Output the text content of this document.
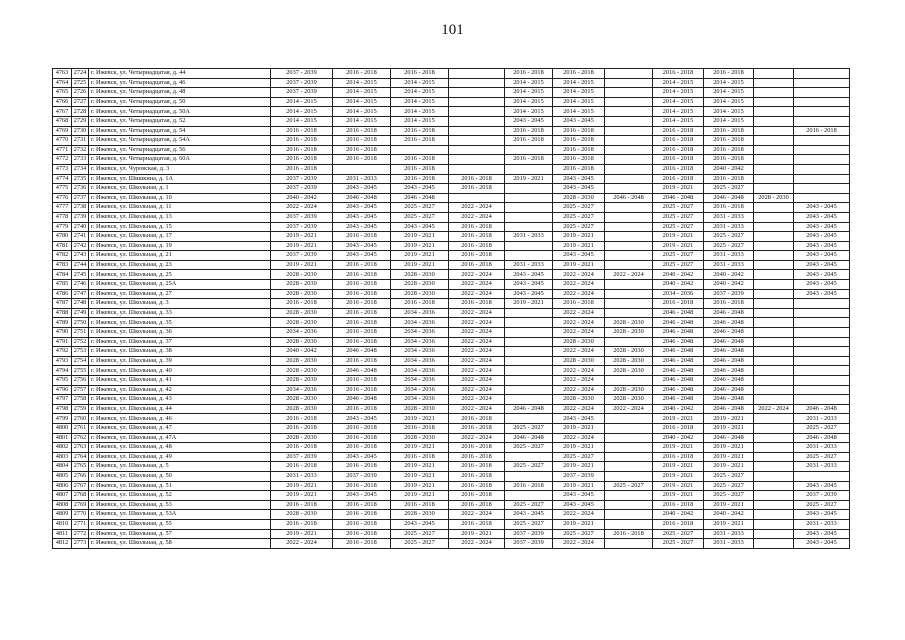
101
4763	2724	г. Ижевск, ул. Четырнадцатая, д. 44	2037 - 2039	2016 - 2018	2016 - 2018		2016 - 2018	2016 - 2018		2016 - 2018	2016 - 2018		
4764	2725	г. Ижевск, ул. Четырнадцатая, д. 46	2037 - 2039	2014 - 2015	2014 - 2015		2014 - 2015	2014 - 2015		2014 - 2015	2014 - 2015		
4765	2726	г. Ижевск, ул. Четырнадцатая, д. 48	2037 - 2039	2014 - 2015	2014 - 2015		2014 - 2015	2014 - 2015		2014 - 2015	2014 - 2015		
4766	2727	г. Ижевск, ул. Четырнадцатая, д. 50	2014 - 2015	2014 - 2015	2014 - 2015		2014 - 2015	2014 - 2015		2014 - 2015	2014 - 2015		
4767	2728	г. Ижевск, ул. Четырнадцатая, д. 50А	2014 - 2015	2014 - 2015	2014 - 2015		2014 - 2015	2014 - 2015		2014 - 2015	2014 - 2015		
4768	2729	г. Ижевск, ул. Четырнадцатая, д. 52	2014 - 2015	2014 - 2015	2014 - 2015		2043 - 2045	2043 - 2045		2014 - 2015	2014 - 2015		
4769	2730	г. Ижевск, ул. Четырнадцатая, д. 54	2016 - 2018	2016 - 2018	2016 - 2018		2016 - 2018	2016 - 2018		2016 - 2018	2016 - 2018		2016 - 2018
4770	2731	г. Ижевск, ул. Четырнадцатая, д. 54А	2016 - 2018	2016 - 2018	2016 - 2018		2016 - 2018	2016 - 2018		2016 - 2018	2016 - 2018		
4771	2732	г. Ижевск, ул. Четырнадцатая, д. 56	2016 - 2018	2016 - 2018				2016 - 2018		2016 - 2018	2016 - 2018		
4772	2733	г. Ижевск, ул. Четырнадцатая, д. 60А	2016 - 2018	2016 - 2018	2016 - 2018		2016 - 2018	2016 - 2018		2016 - 2018	2016 - 2018		
4773	2734	г. Ижевск, ул. Чуровская, д. 3	2016 - 2018		2016 - 2018			2016 - 2018		2016 - 2018	2040 - 2042		
4774	2735	г. Ижевск, ул. Шишкина, д. 1А	2037 - 2039	2031 - 2033	2016 - 2018	2016 - 2018	2019 - 2021	2043 - 2045		2016 - 2018	2016 - 2018		
4775	2736	г. Ижевск, ул. Школьная, д. 1	2037 - 2039	2043 - 2045	2043 - 2045	2016 - 2018		2043 - 2045		2019 - 2021	2025 - 2027		
4776	2737	г. Ижевск, ул. Школьная, д. 10	2040 - 2042	2046 - 2048	2046 - 2048			2028 - 2030	2046 - 2048	2046 - 2048	2046 - 2048	2028 - 2030	
4777	2738	г. Ижевск, ул. Школьная, д. 11	2022 - 2024	2043 - 2045	2025 - 2027	2022 - 2024		2025 - 2027		2025 - 2027	2016 - 2018		2043 - 2045
4778	2739	г. Ижевск, ул. Школьная, д. 13	2037 - 2039	2043 - 2045	2025 - 2027	2022 - 2024		2025 - 2027		2025 - 2027	2031 - 2033		2043 - 2045
4779	2740	г. Ижевск, ул. Школьная, д. 15	2037 - 2039	2043 - 2045	2043 - 2045	2016 - 2018		2025 - 2027		2025 - 2027	2031 - 2033		2043 - 2045
4780	2741	г. Ижевск, ул. Школьная, д. 17	2019 - 2021	2016 - 2018	2019 - 2021	2016 - 2018	2031 - 2033	2019 - 2021		2019 - 2021	2025 - 2027		2043 - 2045
4781	2742	г. Ижевск, ул. Школьная, д. 19	2019 - 2021	2043 - 2045	2019 - 2021	2016 - 2018		2019 - 2021		2019 - 2021	2025 - 2027		2043 - 2045
4782	2743	г. Ижевск, ул. Школьная, д. 21	2037 - 2039	2043 - 2045	2019 - 2021	2016 - 2018		2043 - 2045		2025 - 2027	2031 - 2033		2043 - 2045
4783	2744	г. Ижевск, ул. Школьная, д. 23	2019 - 2021	2016 - 2018	2019 - 2021	2016 - 2018	2031 - 2033	2019 - 2021		2025 - 2027	2031 - 2033		2043 - 2045
4784	2745	г. Ижевск, ул. Школьная, д. 25	2028 - 2030	2016 - 2018	2028 - 2030	2022 - 2024	2043 - 2045	2022 - 2024	2022 - 2024	2040 - 2042	2040 - 2042		2043 - 2045
4785	2746	г. Ижевск, ул. Школьная, д. 25А	2028 - 2030	2016 - 2018	2028 - 2030	2022 - 2024	2043 - 2045	2022 - 2024		2040 - 2042	2040 - 2042		2043 - 2045
4786	2747	г. Ижевск, ул. Школьная, д. 27	2028 - 2030	2016 - 2018	2028 - 2030	2022 - 2024	2043 - 2045	2022 - 2024		2034 - 2036	2037 - 2039		2043 - 2045
4787	2748	г. Ижевск, ул. Школьная, д. 3	2016 - 2018	2016 - 2018	2016 - 2018	2016 - 2018	2019 - 2021	2016 - 2018		2016 - 2018	2016 - 2018		
4788	2749	г. Ижевск, ул. Школьная, д. 33	2028 - 2030	2016 - 2018	2034 - 2036	2022 - 2024		2022 - 2024		2046 - 2048	2046 - 2048		
4789	2750	г. Ижевск, ул. Школьная, д. 35	2028 - 2030	2016 - 2018	2034 - 2036	2022 - 2024		2022 - 2024	2028 - 2030	2046 - 2048	2046 - 2048		
4790	2751	г. Ижевск, ул. Школьная, д. 36	2034 - 2036	2016 - 2018	2034 - 2036	2022 - 2024		2022 - 2024	2028 - 2030	2046 - 2048	2046 - 2048		
4791	2752	г. Ижевск, ул. Школьная, д. 37	2028 - 2030	2016 - 2018	2034 - 2036	2022 - 2024		2028 - 2030		2046 - 2048	2046 - 2048		
4792	2753	г. Ижевск, ул. Школьная, д. 38	2040 - 2042	2046 - 2048	2034 - 2036	2022 - 2024		2022 - 2024	2028 - 2030	2046 - 2048	2046 - 2048		
4793	2754	г. Ижевск, ул. Школьная, д. 39	2028 - 2030	2016 - 2018	2034 - 2036	2022 - 2024		2028 - 2030	2028 - 2030	2046 - 2048	2046 - 2048		
4794	2755	г. Ижевск, ул. Школьная, д. 40	2028 - 2030	2046 - 2048	2034 - 2036	2022 - 2024		2022 - 2024	2028 - 2030	2046 - 2048	2046 - 2048		
4795	2756	г. Ижевск, ул. Школьная, д. 41	2028 - 2030	2016 - 2018	2034 - 2036	2022 - 2024		2022 - 2024		2046 - 2048	2046 - 2048		
4796	2757	г. Ижевск, ул. Школьная, д. 42	2034 - 2036	2016 - 2018	2034 - 2036	2022 - 2024		2022 - 2024	2028 - 2030	2046 - 2048	2046 - 2048		
4797	2758	г. Ижевск, ул. Школьная, д. 43	2028 - 2030	2046 - 2048	2034 - 2036	2022 - 2024		2028 - 2030	2028 - 2030	2046 - 2048	2046 - 2048		
4798	2759	г. Ижевск, ул. Школьная, д. 44	2028 - 2030	2016 - 2018	2028 - 2030	2022 - 2024	2046 - 2048	2022 - 2024	2022 - 2024	2040 - 2042	2046 - 2048	2022 - 2024	2046 - 2048
4799	2760	г. Ижевск, ул. Школьная, д. 46	2016 - 2018	2043 - 2045	2019 - 2021	2016 - 2018		2043 - 2045		2019 - 2021	2019 - 2021		2031 - 2033
4800	2761	г. Ижевск, ул. Школьная, д. 47	2016 - 2018	2016 - 2018	2016 - 2018	2016 - 2018	2025 - 2027	2019 - 2021		2016 - 2018	2019 - 2021		2025 - 2027
4801	2762	г. Ижевск, ул. Школьная, д. 47А	2028 - 2030	2016 - 2018	2028 - 2030	2022 - 2024	2046 - 2048	2022 - 2024		2040 - 2042	2046 - 2048		2046 - 2048
4802	2763	г. Ижевск, ул. Школьная, д. 48	2016 - 2018	2016 - 2018	2019 - 2021	2016 - 2018	2025 - 2027	2019 - 2021		2019 - 2021	2019 - 2021		2031 - 2033
4803	2764	г. Ижевск, ул. Школьная, д. 49	2037 - 2039	2043 - 2045	2016 - 2018	2016 - 2018		2025 - 2027		2016 - 2018	2019 - 2021		2025 - 2027
4804	2765	г. Ижевск, ул. Школьная, д. 5	2016 - 2018	2016 - 2018	2019 - 2021	2016 - 2018	2025 - 2027	2019 - 2021		2019 - 2021	2019 - 2021		2031 - 2033
4805	2766	г. Ижевск, ул. Школьная, д. 50	2031 - 2033	2037 - 2039	2019 - 2021	2016 - 2018		2037 - 2039		2019 - 2021	2025 - 2027		
4806	2767	г. Ижевск, ул. Школьная, д. 51	2019 - 2021	2016 - 2018	2019 - 2021	2016 - 2018	2016 - 2018	2019 - 2021	2025 - 2027	2019 - 2021	2025 - 2027		2043 - 2045
4807	2768	г. Ижевск, ул. Школьная, д. 52	2019 - 2021	2043 - 2045	2019 - 2021	2016 - 2018		2043 - 2045		2019 - 2021	2025 - 2027		2037 - 2039
4808	2769	г. Ижевск, ул. Школьная, д. 53	2016 - 2018	2016 - 2018	2016 - 2018	2016 - 2018	2025 - 2027	2043 - 2045		2016 - 2018	2019 - 2021		2025 - 2027
4809	2770	г. Ижевск, ул. Школьная, д. 53А	2028 - 2030	2016 - 2018	2028 - 2030	2022 - 2024	2043 - 2045	2022 - 2024		2040 - 2042	2040 - 2042		2043 - 2045
4810	2771	г. Ижевск, ул. Школьная, д. 55	2016 - 2018	2016 - 2018	2043 - 2045	2016 - 2018	2025 - 2027	2019 - 2021		2016 - 2018	2019 - 2021		2031 - 2033
4811	2772	г. Ижевск, ул. Школьная, д. 57	2019 - 2021	2016 - 2018	2025 - 2027	2019 - 2021	2037 - 2039	2025 - 2027	2016 - 2018	2025 - 2027	2031 - 2033		2043 - 2045
4812	2773	г. Ижевск, ул. Школьная, д. 58	2022 - 2024	2016 - 2018	2025 - 2027	2022 - 2024	2037 - 2039	2022 - 2024		2025 - 2027	2031 - 2033		2043 - 2045
